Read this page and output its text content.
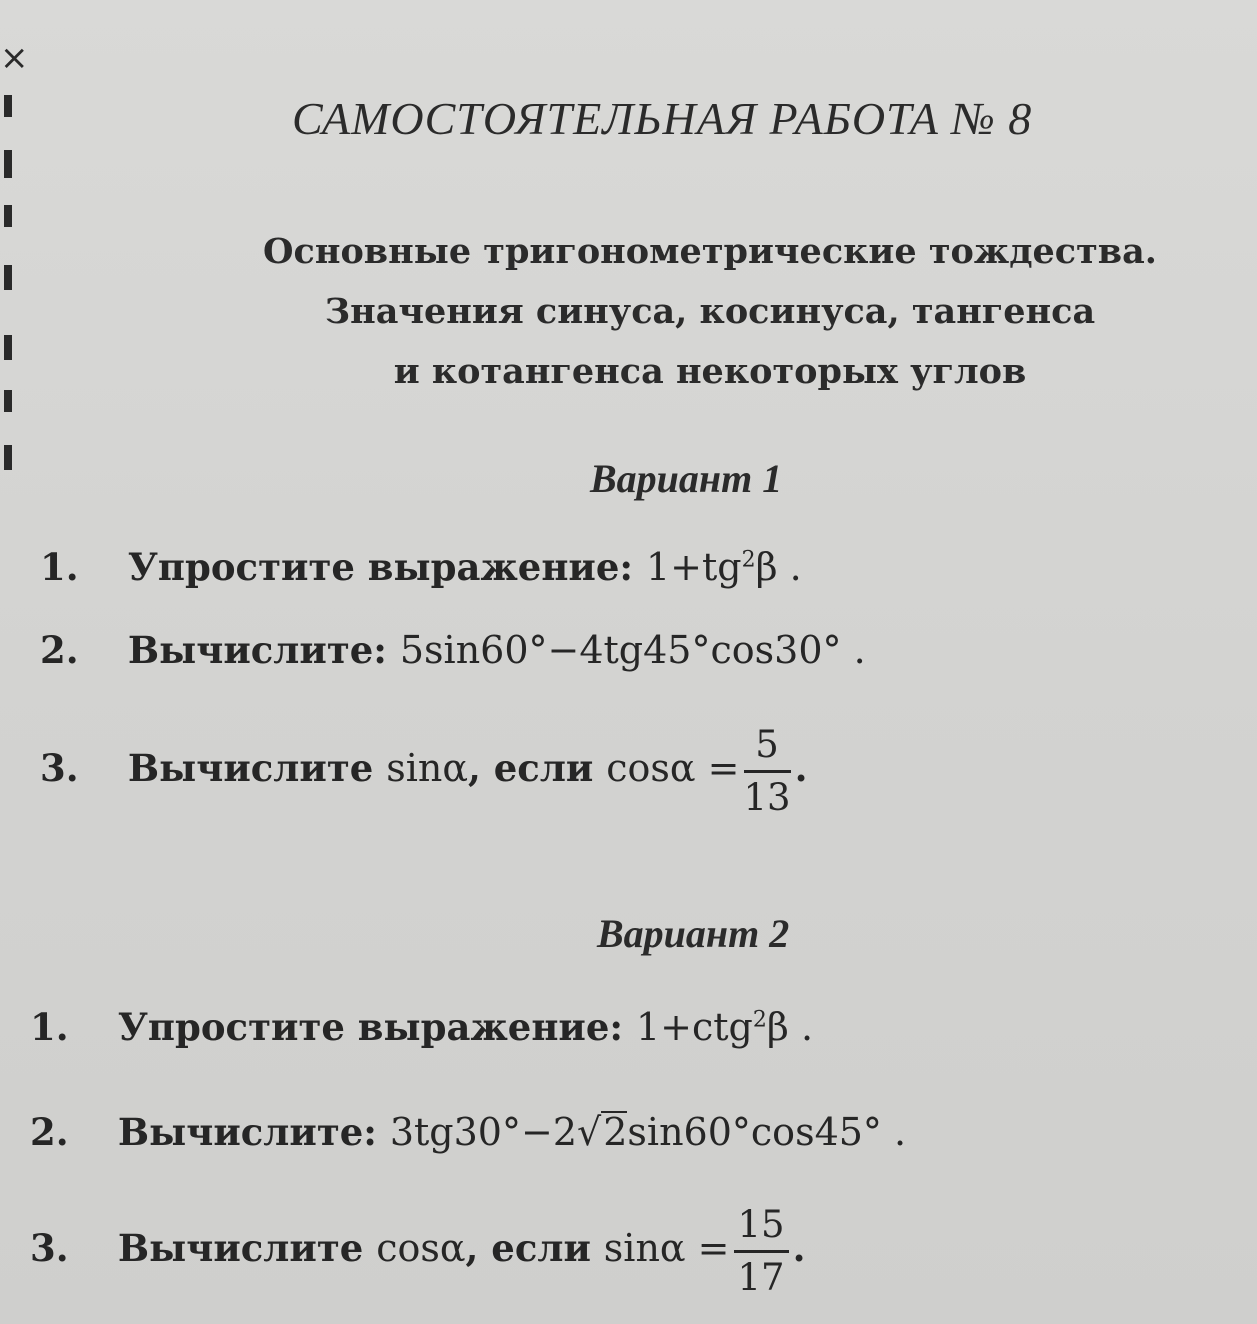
×
САМОСТОЯТЕЛЬНАЯ РАБОТА № 8
Основные тригонометрические тождества.
Значения синуса, косинуса, тангенса
и котангенса некоторых углов
Вариант 1
1. Упростите выражение: $1+tg^2\beta$ .
2. Вычислите: 5sin60°−4tg45°cos30° .
3. Вычислите sinα, если $\cos\alpha = \frac{5}{13}$ .
Вариант 2
1. Упростите выражение: 1+ctg$^2$β .
2. Вычислите: 3tg30°−2√2sin60°cos45° .
3. Вычислите cosα, если $\sin\alpha = \frac{15}{17}$ .
